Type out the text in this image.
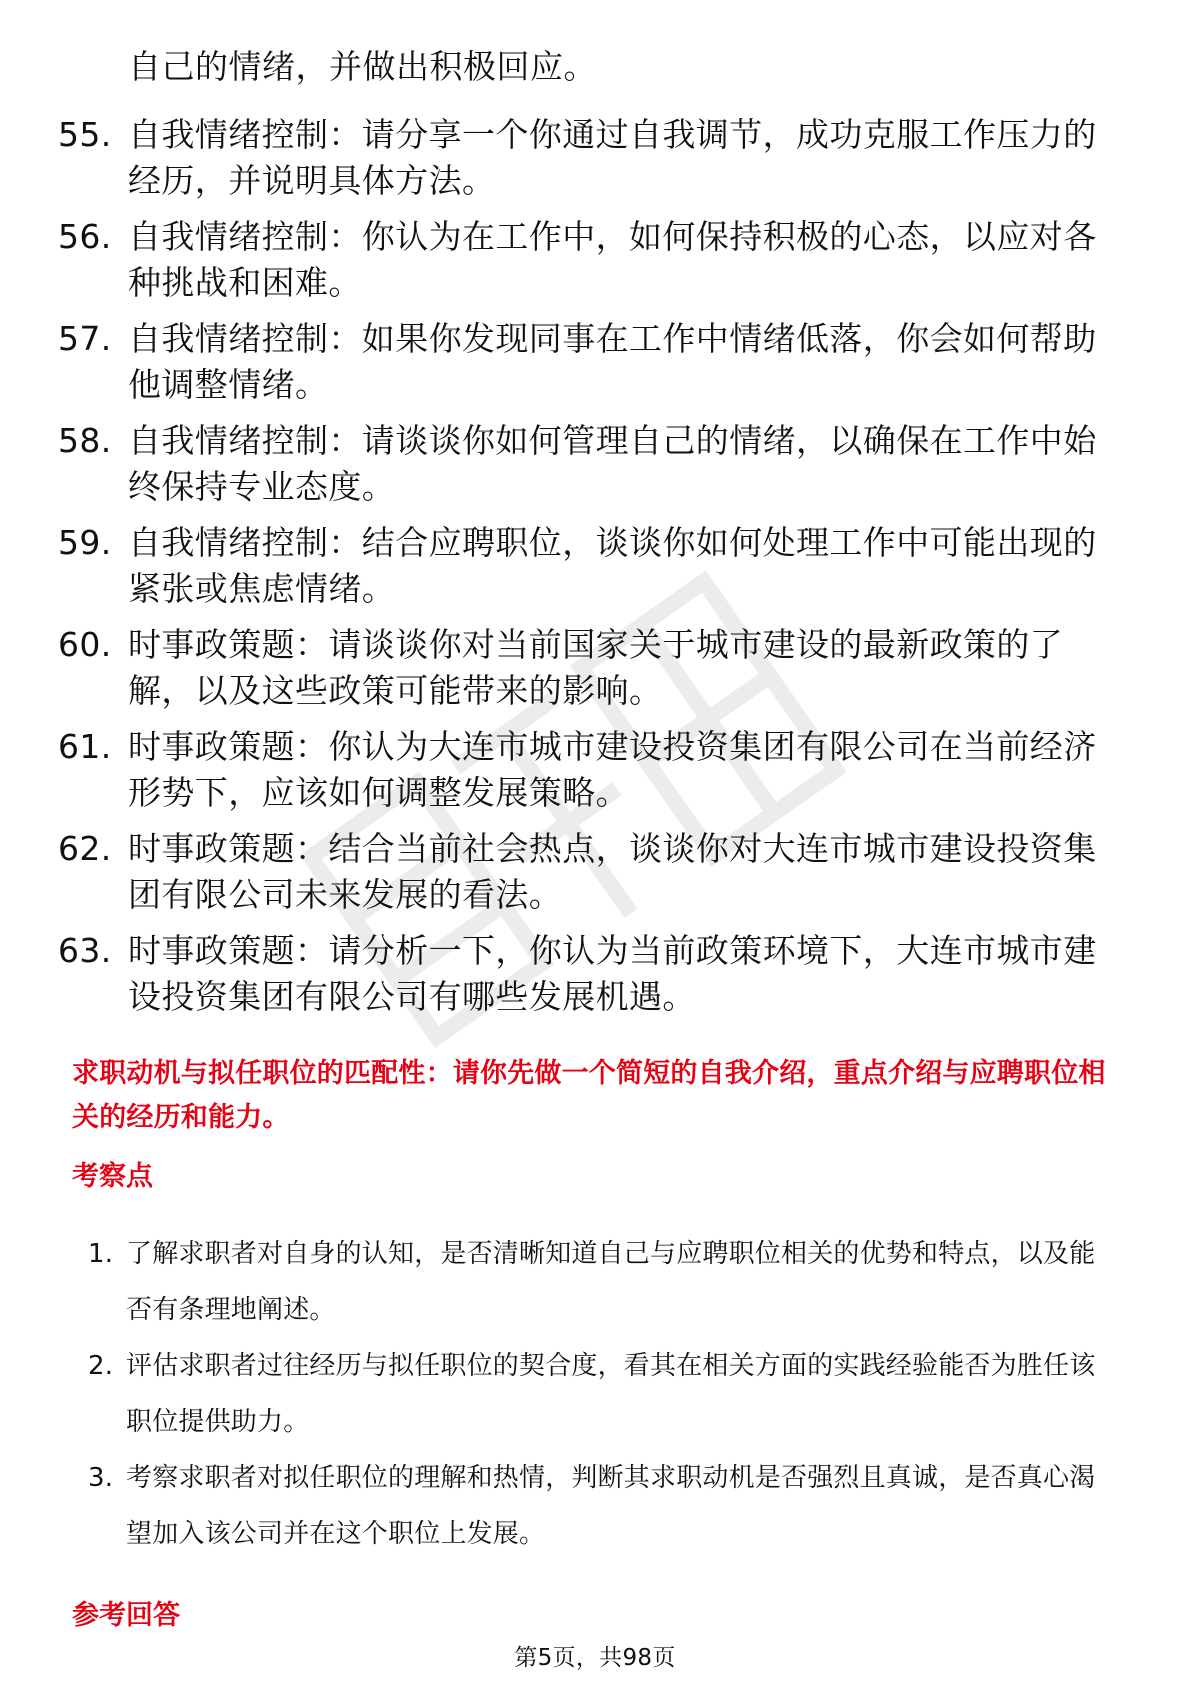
自己的情绪，并做出积极回应。
55. 自我情绪控制：请分享一个你通过自我调节，成功克服工作压力的经历，并说明具体方法。
56. 自我情绪控制：你认为在工作中，如何保持积极的心态，以应对各种挑战和困难。
57. 自我情绪控制：如果你发现同事在工作中情绪低落，你会如何帮助他调整情绪。
58. 自我情绪控制：请谈谈你如何管理自己的情绪，以确保在工作中始终保持专业态度。
59. 自我情绪控制：结合应聘职位，谈谈你如何处理工作中可能出现的紧张或焦虑情绪。
60. 时事政策题：请谈谈你对当前国家关于城市建设的最新政策的了解，以及这些政策可能带来的影响。
61. 时事政策题：你认为大连市城市建设投资集团有限公司在当前经济形势下，应该如何调整发展策略。
62. 时事政策题：结合当前社会热点，谈谈你对大连市城市建设投资集团有限公司未来发展的看法。
63. 时事政策题：请分析一下，你认为当前政策环境下，大连市城市建设投资集团有限公司有哪些发展机遇。
求职动机与拟任职位的匹配性：请你先做一个简短的自我介绍，重点介绍与应聘职位相关的经历和能力。
考察点
1. 了解求职者对自身的认知，是否清晰知道自己与应聘职位相关的优势和特点，以及能否有条理地阐述。
2. 评估求职者过往经历与拟任职位的契合度，看其在相关方面的实践经验能否为胜任该职位提供助力。
3. 考察求职者对拟任职位的理解和热情，判断其求职动机是否强烈且真诚，是否真心渴望加入该公司并在这个职位上发展。
参考回答
第5页，共98页
